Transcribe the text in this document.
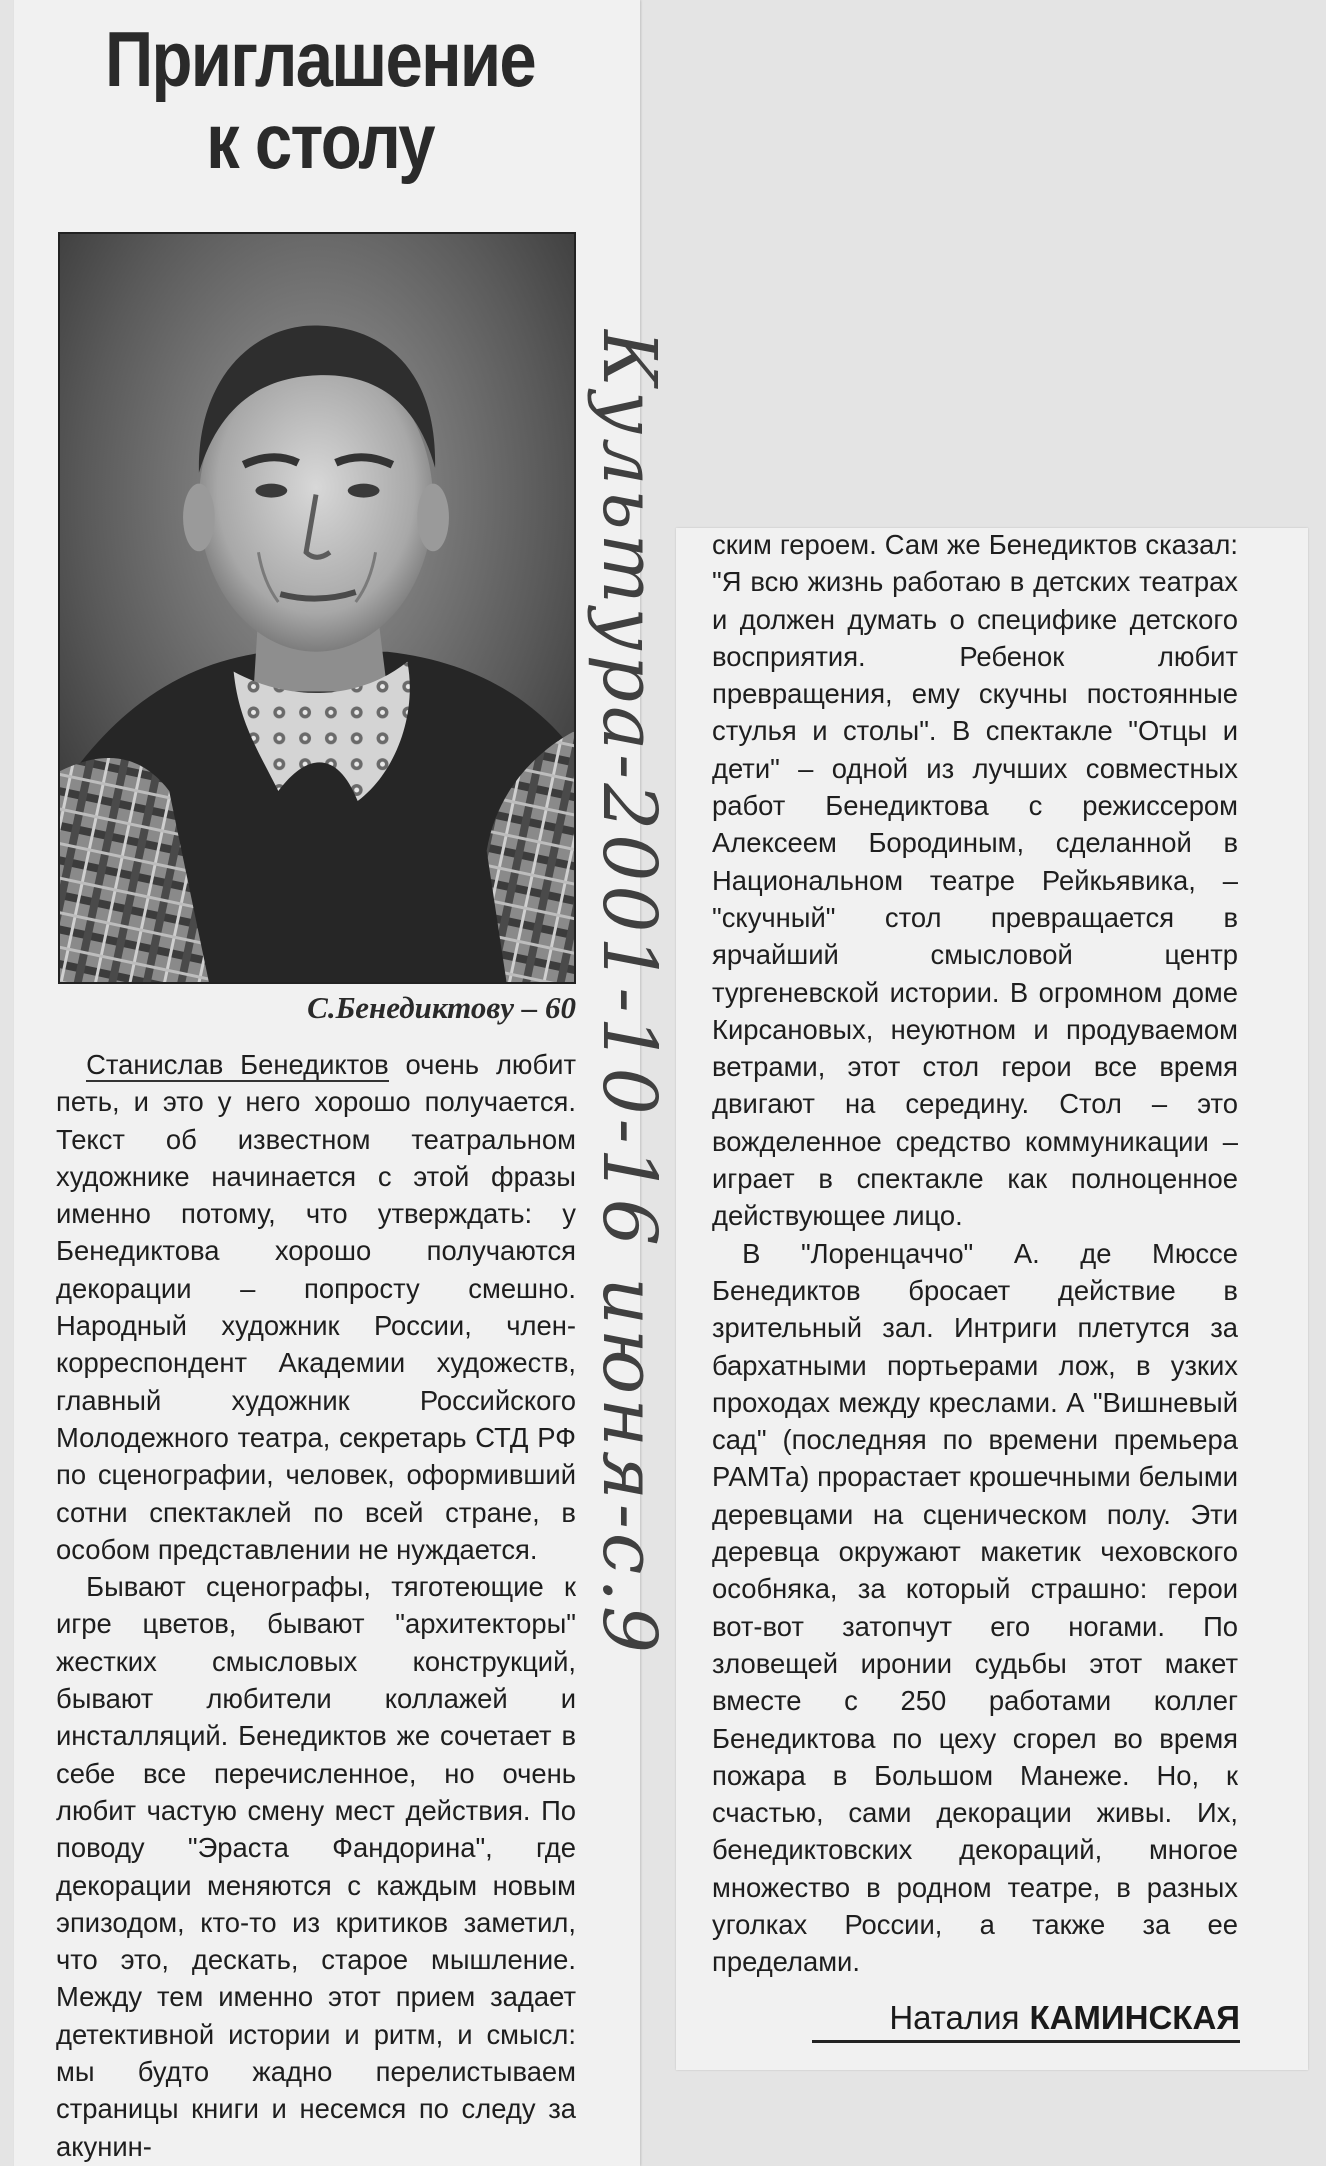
Приглашение
к столу
С.Бенедиктову – 60 Культура-2001-10-16 июня-с.9

Станислав Бенедиктов очень любит петь, и это у него хорошо получается. Текст об известном театральном художнике начинается с этой фразы именно потому, что утверждать: у Бенедиктова хорошо получаются декорации – попросту смешно. Народный художник России, член-корреспондент Академии художеств, главный художник Российского Молодежного театра, секретарь СТД РФ по сценографии, человек, оформивший сотни спектаклей по всей стране, в особом представлении не нуждается.

Бывают сценографы, тяготеющие к игре цветов, бывают "архитекторы" жестких смысловых конструкций, бывают любители коллажей и инсталляций. Бенедиктов же сочетает в себе все перечисленное, но очень любит частую смену мест действия. По поводу "Эраста Фандорина", где декорации меняются с каждым новым эпизодом, кто-то из критиков заметил, что это, дескать, старое мышление. Между тем именно этот прием задает детективной истории и ритм, и смысл: мы будто жадно перелистываем страницы книги и несемся по следу за акунин-

ским героем. Сам же Бенедиктов сказал: "Я всю жизнь работаю в детских театрах и должен думать о специфике детского восприятия. Ребенок любит превращения, ему скучны постоянные стулья и столы". В спектакле "Отцы и дети" – одной из лучших совместных работ Бенедиктова с режиссером Алексеем Бородиным, сделанной в Национальном театре Рейкьявика, – "скучный" стол превращается в ярчайший смысловой центр тургеневской истории. В огромном доме Кирсановых, неуютном и продуваемом ветрами, этот стол герои все время двигают на середину. Стол – это вожделенное средство коммуникации – играет в спектакле как полноценное действующее лицо.

В "Лоренцаччо" А. де Мюссе Бенедиктов бросает действие в зрительный зал. Интриги плетутся за бархатными портьерами лож, в узких проходах между креслами. А "Вишневый сад" (последняя по времени премьера РАМТа) прорастает крошечными белыми деревцами на сценическом полу. Эти деревца окружают макетик чеховского особняка, за который страшно: герои вот-вот затопчут его ногами. По зловещей иронии судьбы этот макет вместе с 250 работами коллег Бенедиктова по цеху сгорел во время пожара в Большом Манеже. Но, к счастью, сами декорации живы. Их, бенедиктовских декораций, многое множество в родном театре, в разных уголках России, а также за ее пределами.

Наталия КАМИНСКАЯ
